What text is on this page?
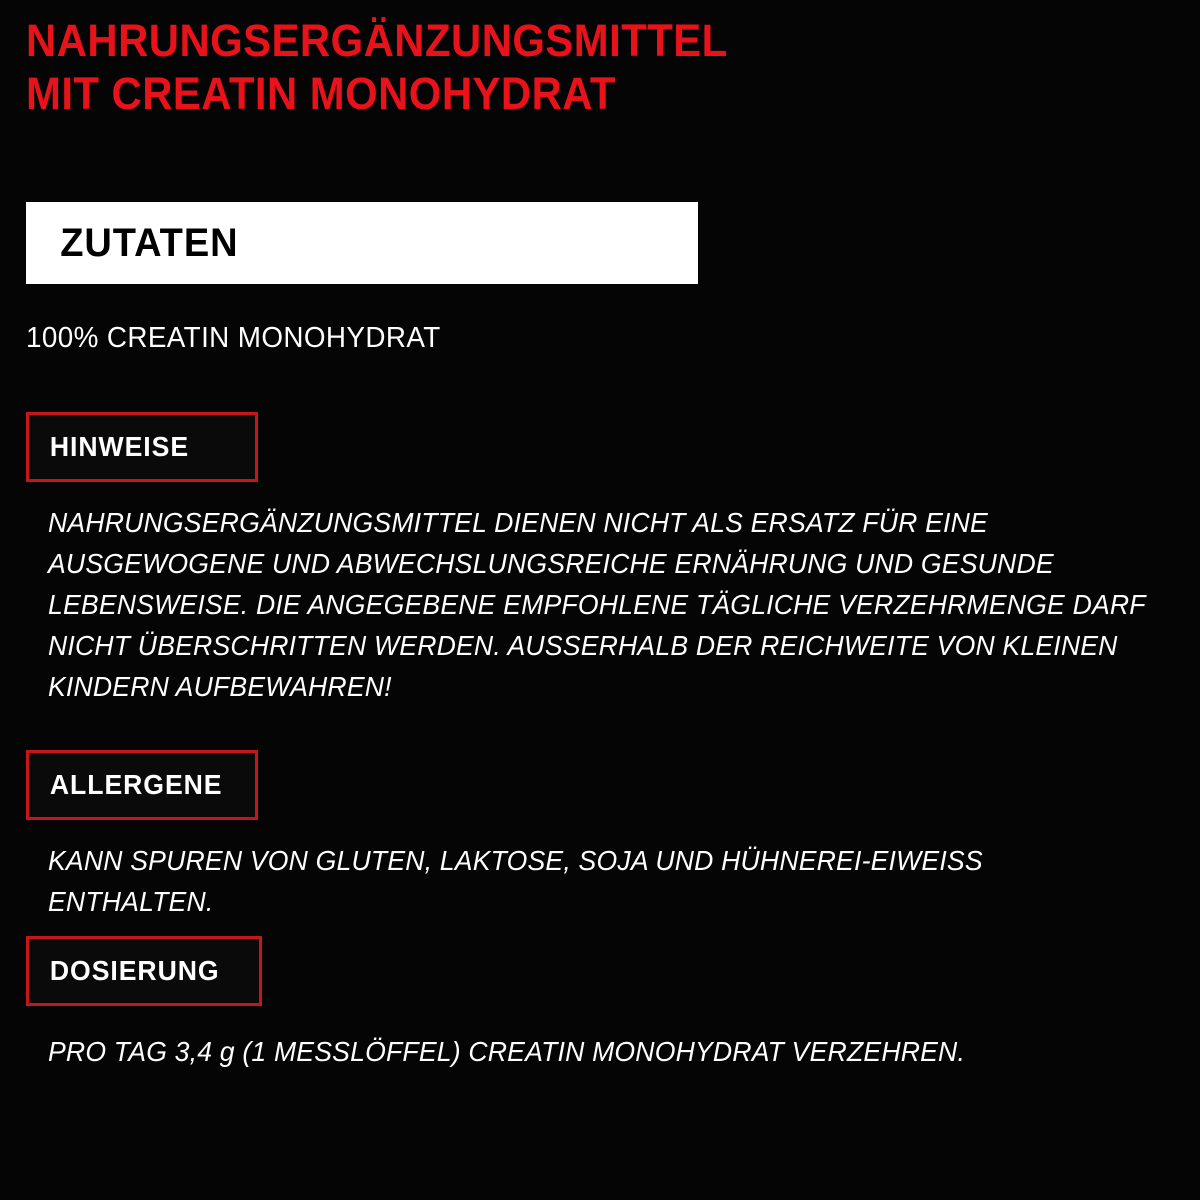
NAHRUNGSERGÄNZUNGSMITTEL
MIT CREATIN MONOHYDRAT
ZUTATEN
100% CREATIN MONOHYDRAT
HINWEISE
NAHRUNGSERGÄNZUNGSMITTEL DIENEN NICHT ALS ERSATZ FÜR EINE AUSGEWOGENE UND ABWECHSLUNGSREICHE ERNÄHRUNG UND GESUNDE LEBENSWEISE. DIE ANGEGEBENE EMPFOHLENE TÄGLICHE VERZEHRMENGE DARF NICHT ÜBERSCHRITTEN WERDEN. AUSSERHALB DER REICHWEITE VON KLEINEN KINDERN AUFBEWAHREN!
ALLERGENE
KANN SPUREN VON GLUTEN, LAKTOSE, SOJA UND HÜHNEREI-EIWEISS ENTHALTEN.
DOSIERUNG
PRO TAG 3,4 g (1 MESSLÖFFEL) CREATIN MONOHYDRAT VERZEHREN.
